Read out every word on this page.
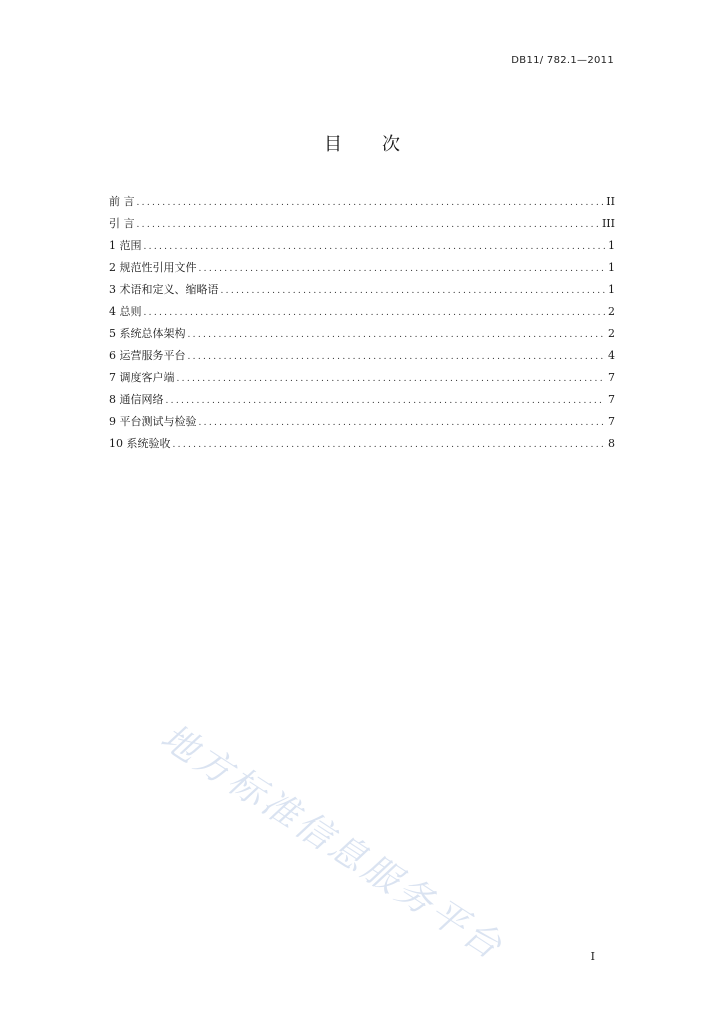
DB11/ 782.1—2011
目 次
前 言 .....	II
引 言 .....	III
1 范围 .....	1
2 规范性引用文件 .....	1
3 术语和定义、缩略语 .....	1
4 总则 .....	2
5 系统总体架构 .....	2
6 运营服务平台 .....	4
7 调度客户端 .....	7
8 通信网络 .....	7
9 平台测试与检验 .....	7
10 系统验收 .....	8
地方标准信息服务平台	I
